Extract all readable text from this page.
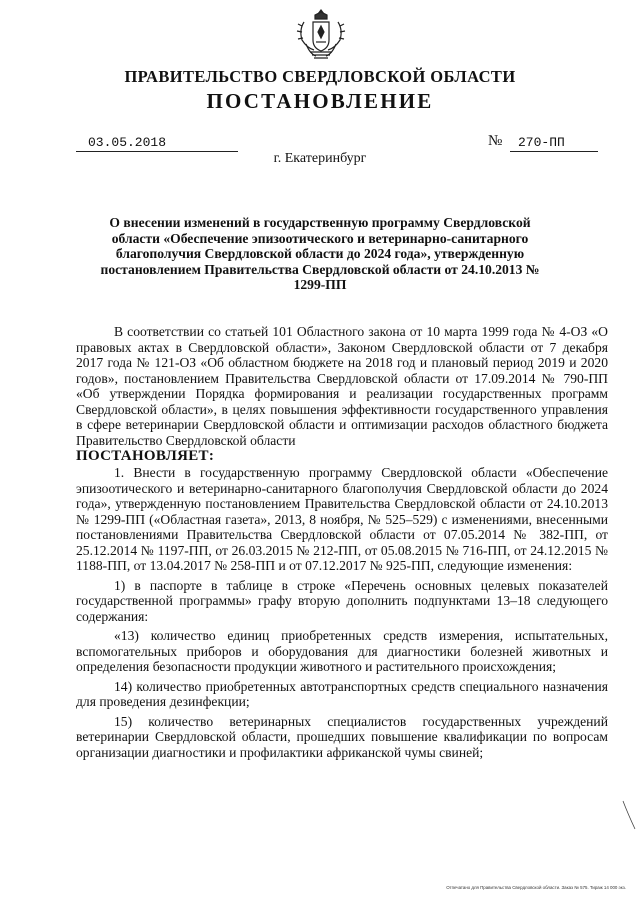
ПРАВИТЕЛЬСТВО СВЕРДЛОВСКОЙ ОБЛАСТИ
ПОСТАНОВЛЕНИЕ
03.05.2018	№	270-ПП
г. Екатеринбург
О внесении изменений в государственную программу Свердловской области «Обеспечение эпизоотического и ветеринарно-санитарного благополучия Свердловской области до 2024 года», утвержденную постановлением Правительства Свердловской области от 24.10.2013 № 1299-ПП

В соответствии со статьей 101 Областного закона от 10 марта 1999 года № 4-ОЗ «О правовых актах в Свердловской области», Законом Свердловской области от 7 декабря 2017 года № 121-ОЗ «Об областном бюджете на 2018 год и плановый период 2019 и 2020 годов», постановлением Правительства Свердловской области от 17.09.2014 № 790-ПП «Об утверждении Порядка формирования и реализации государственных программ Свердловской области», в целях повышения эффективности государственного управления в сфере ветеринарии Свердловской области и оптимизации расходов областного бюджета Правительство Свердловской области

ПОСТАНОВЛЯЕТ:

1. Внести в государственную программу Свердловской области «Обеспечение эпизоотического и ветеринарно-санитарного благополучия Свердловской области до 2024 года», утвержденную постановлением Правительства Свердловской области от 24.10.2013 № 1299-ПП («Областная газета», 2013, 8 ноября, № 525–529) с изменениями, внесенными постановлениями Правительства Свердловской области от 07.05.2014 № 382-ПП, от 25.12.2014 № 1197-ПП, от 26.03.2015 № 212-ПП, от 05.08.2015 № 716-ПП, от 24.12.2015 № 1188-ПП, от 13.04.2017 № 258-ПП и от 07.12.2017 № 925-ПП, следующие изменения:

1) в паспорте в таблице в строке «Перечень основных целевых показателей государственной программы» графу вторую дополнить подпунктами 13–18 следующего содержания:

«13) количество единиц приобретенных средств измерения, испытательных, вспомогательных приборов и оборудования для диагностики болезней животных и определения безопасности продукции животного и растительного происхождения;

14) количество приобретенных автотранспортных средств специального назначения для проведения дезинфекции;

15) количество ветеринарных специалистов государственных учреждений ветеринарии Свердловской области, прошедших повышение квалификации по вопросам организации диагностики и профилактики африканской чумы свиней;

Отпечатано для Правительства Свердловской области. Заказ № 575. Тираж 14 000 экз.
